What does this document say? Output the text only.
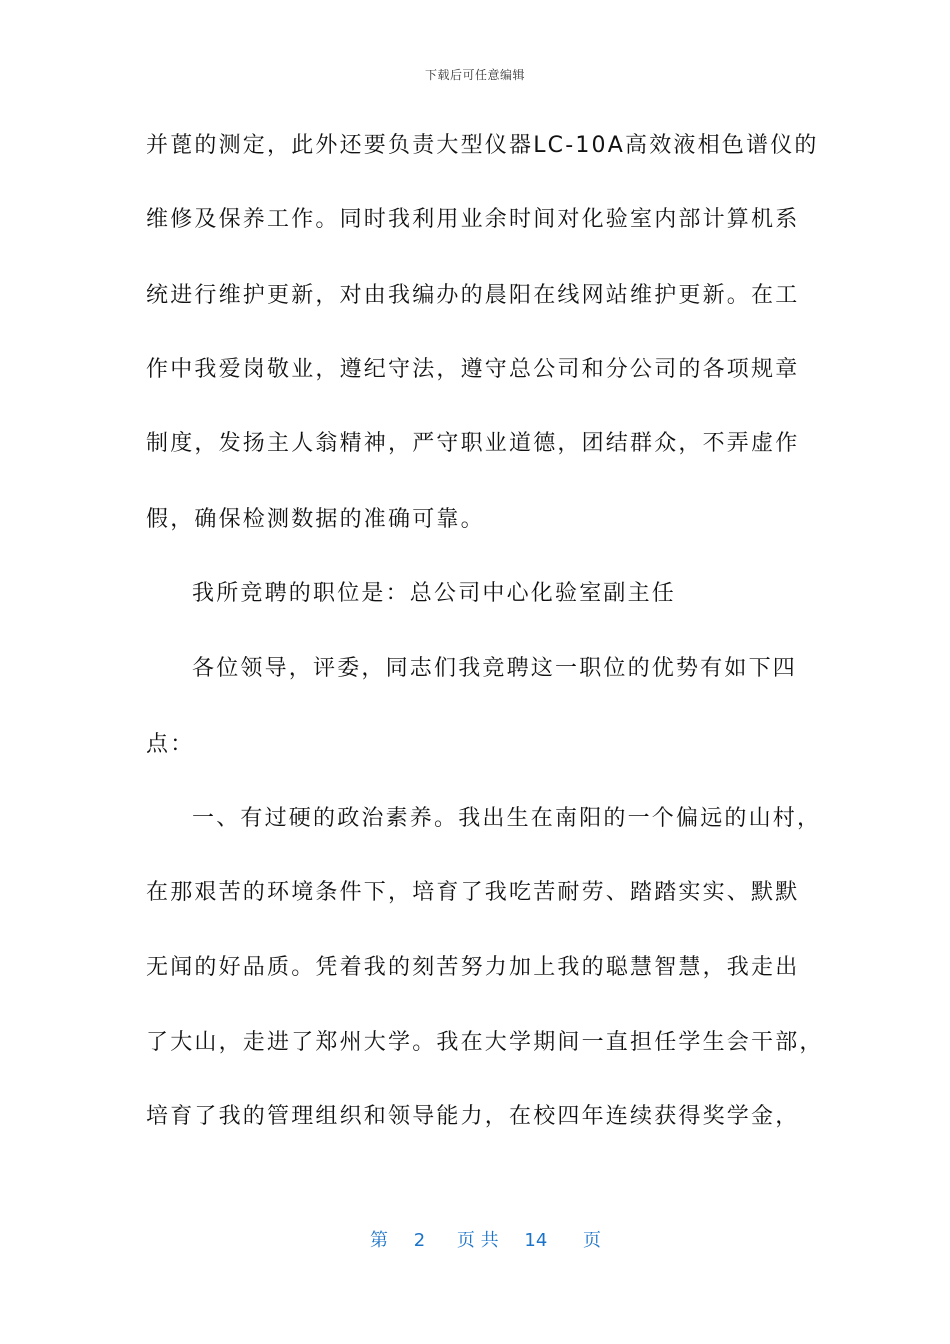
下载后可任意编辑
并蓖的测定，此外还要负责大型仪器LC-10A高效液相色谱仪的
维修及保养工作。同时我利用业余时间对化验室内部计算机系
统进行维护更新，对由我编办的晨阳在线网站维护更新。在工
作中我爱岗敬业，遵纪守法，遵守总公司和分公司的各项规章
制度，发扬主人翁精神，严守职业道德，团结群众，不弄虚作
假，确保检测数据的准确可靠。
我所竞聘的职位是：总公司中心化验室副主任
各位领导，评委，同志们我竞聘这一职位的优势有如下四
点：
一、有过硬的政治素养。我出生在南阳的一个偏远的山村，
在那艰苦的环境条件下，培育了我吃苦耐劳、踏踏实实、默默
无闻的好品质。凭着我的刻苦努力加上我的聪慧智慧，我走出
了大山，走进了郑州大学。我在大学期间一直担任学生会干部，
培育了我的管理组织和领导能力，在校四年连续获得奖学金，
第 2 页 共 14 页
